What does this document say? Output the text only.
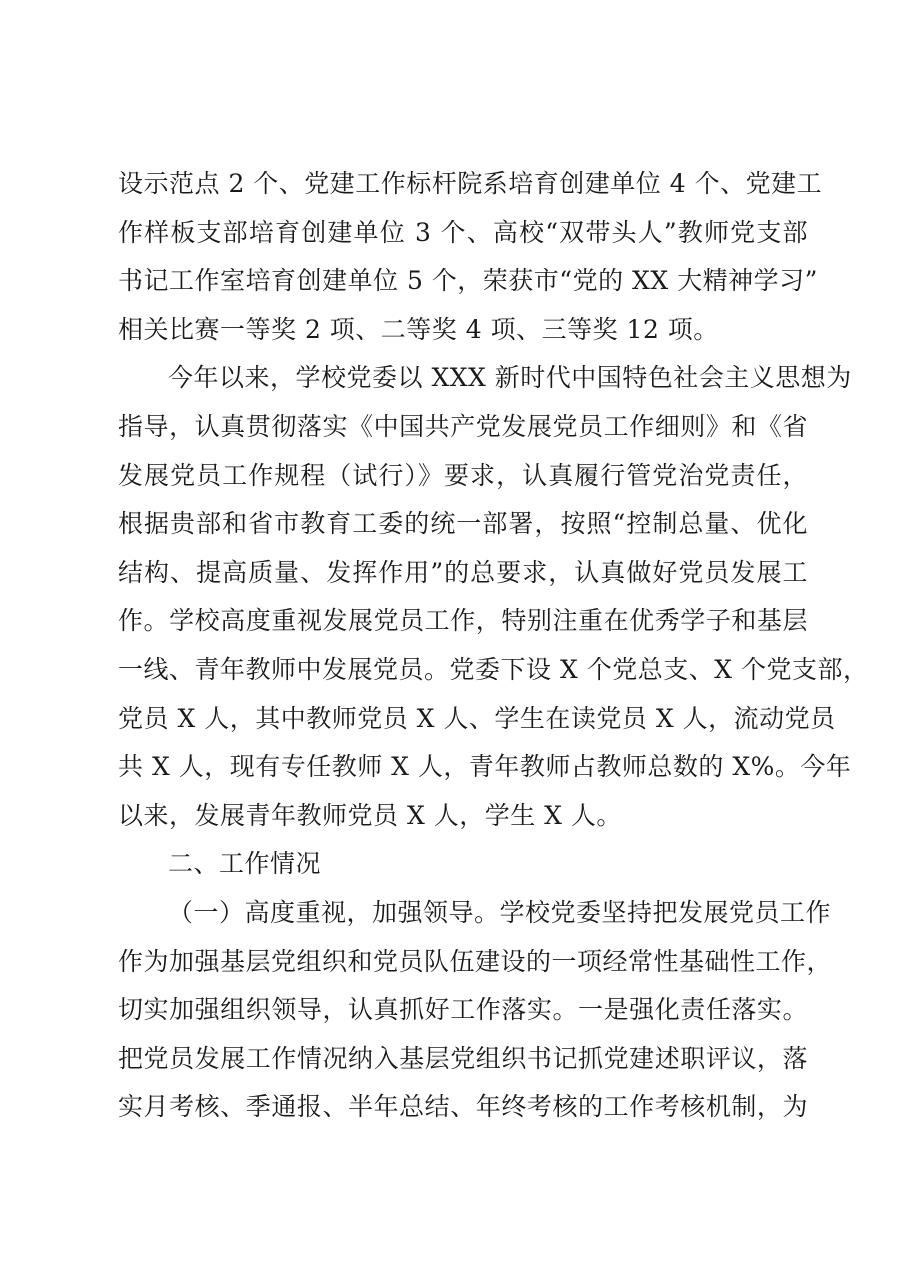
设示范点 2 个、党建工作标杆院系培育创建单位 4 个、党建工
作样板支部培育创建单位 3 个、高校“双带头人”教师党支部
书记工作室培育创建单位 5 个，荣获市“党的 XX 大精神学习”
相关比赛一等奖 2 项、二等奖 4 项、三等奖 12 项。
今年以来，学校党委以 XXX 新时代中国特色社会主义思想为
指导，认真贯彻落实《中国共产党发展党员工作细则》和《省
发展党员工作规程（试行）》要求，认真履行管党治党责任，
根据贵部和省市教育工委的统一部署，按照“控制总量、优化
结构、提高质量、发挥作用”的总要求，认真做好党员发展工
作。学校高度重视发展党员工作，特别注重在优秀学子和基层
一线、青年教师中发展党员。党委下设 X 个党总支、X 个党支部，
党员 X 人，其中教师党员 X 人、学生在读党员 X 人，流动党员
共 X 人，现有专任教师 X 人，青年教师占教师总数的 X%。今年
以来，发展青年教师党员 X 人，学生 X 人。
二、工作情况
（一）高度重视，加强领导。学校党委坚持把发展党员工作
作为加强基层党组织和党员队伍建设的一项经常性基础性工作，
切实加强组织领导，认真抓好工作落实。一是强化责任落实。
把党员发展工作情况纳入基层党组织书记抓党建述职评议，落
实月考核、季通报、半年总结、年终考核的工作考核机制，为
